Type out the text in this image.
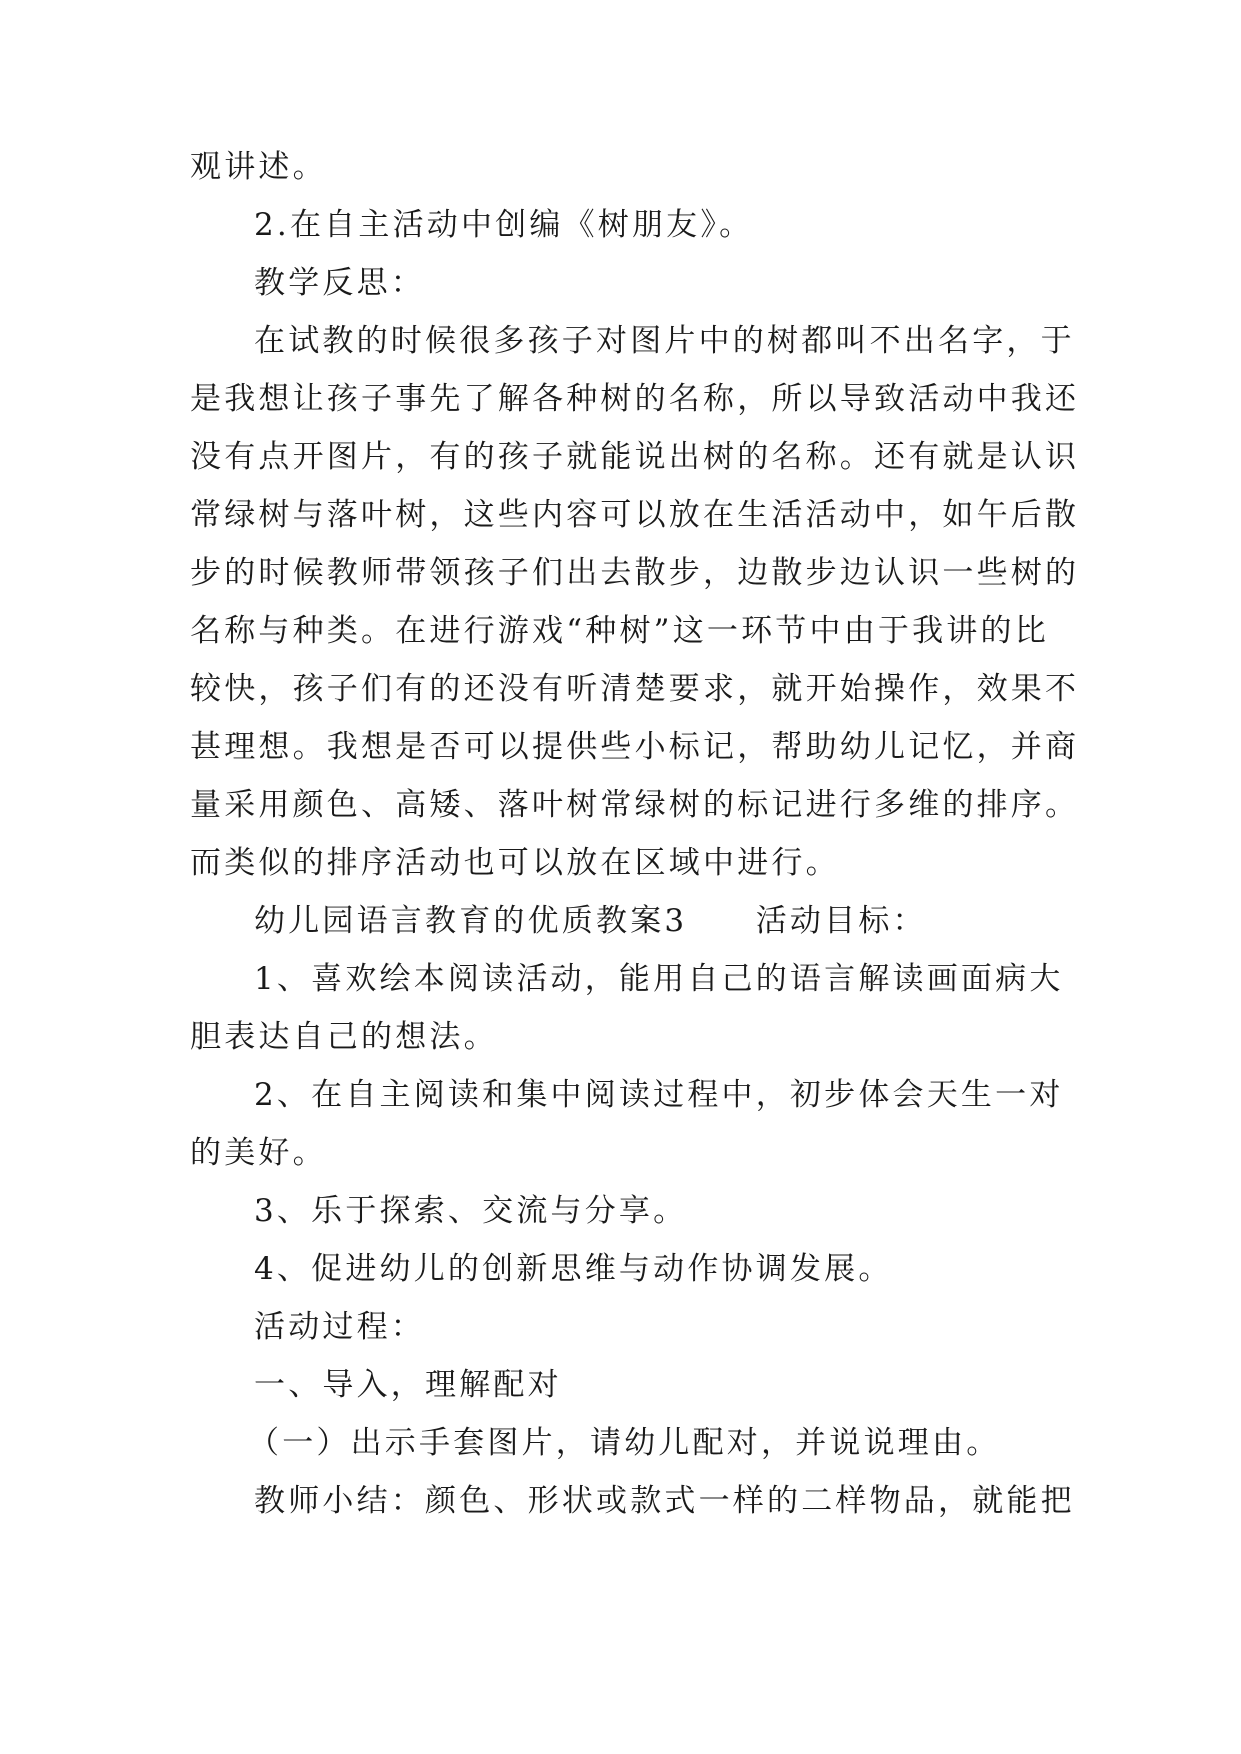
观讲述。
2.在自主活动中创编《树朋友》。
教学反思：
在试教的时候很多孩子对图片中的树都叫不出名字，于
是我想让孩子事先了解各种树的名称，所以导致活动中我还
没有点开图片，有的孩子就能说出树的名称。还有就是认识
常绿树与落叶树，这些内容可以放在生活活动中，如午后散
步的时候教师带领孩子们出去散步，边散步边认识一些树的
名称与种类。在进行游戏“种树”这一环节中由于我讲的比
较快，孩子们有的还没有听清楚要求，就开始操作，效果不
甚理想。我想是否可以提供些小标记，帮助幼儿记忆，并商
量采用颜色、高矮、落叶树常绿树的标记进行多维的排序。
而类似的排序活动也可以放在区域中进行。
幼儿园语言教育的优质教案3　　活动目标：
1、喜欢绘本阅读活动，能用自己的语言解读画面病大
胆表达自己的想法。
2、在自主阅读和集中阅读过程中，初步体会天生一对
的美好。
3、乐于探索、交流与分享。
4、促进幼儿的创新思维与动作协调发展。
活动过程：
一、导入，理解配对
（一）出示手套图片，请幼儿配对，并说说理由。
教师小结：颜色、形状或款式一样的二样物品，就能把
